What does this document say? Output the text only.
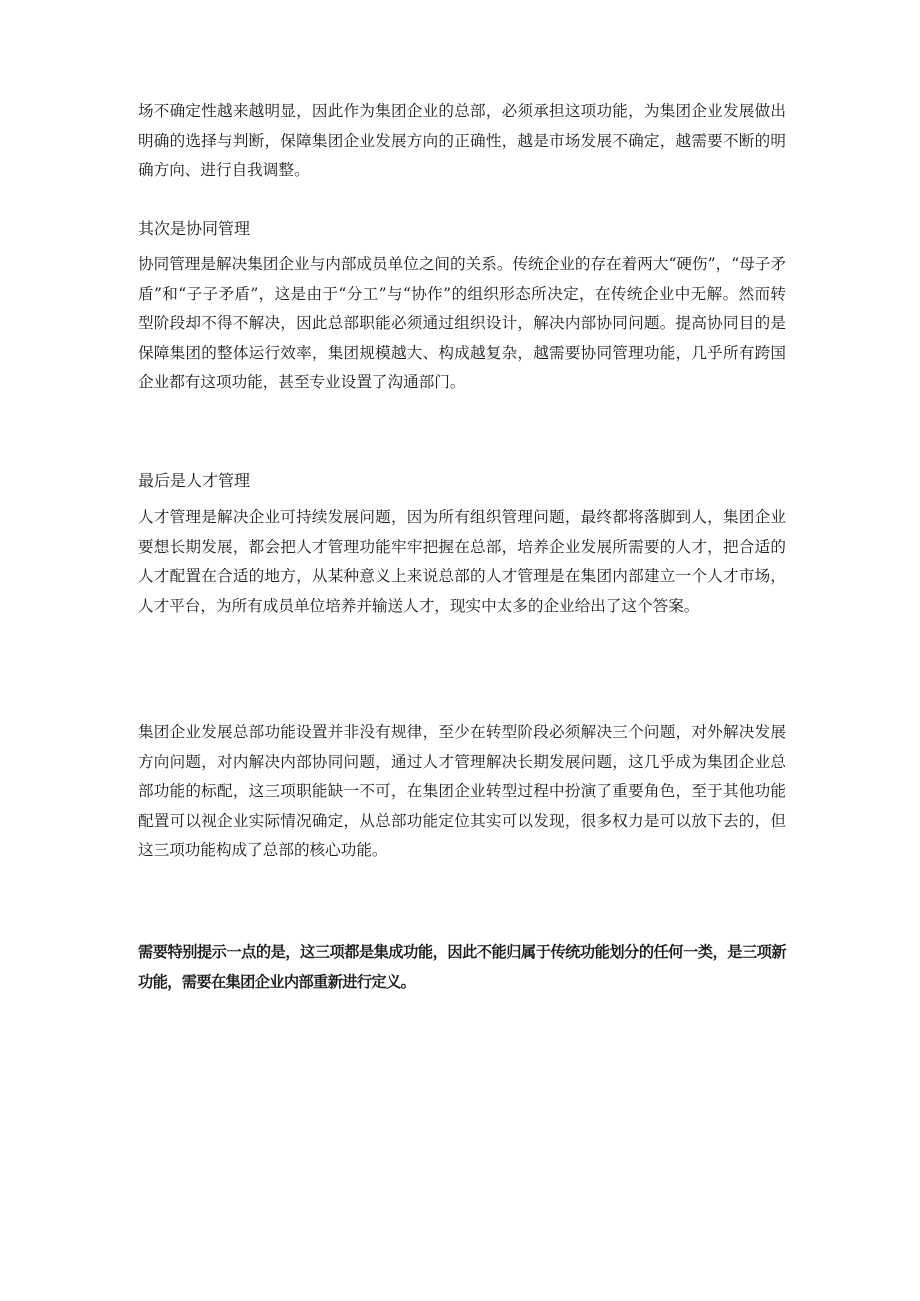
场不确定性越来越明显，因此作为集团企业的总部，必须承担这项功能，为集团企业发展做出明确的选择与判断，保障集团企业发展方向的正确性，越是市场发展不确定，越需要不断的明确方向、进行自我调整。

其次是协同管理

协同管理是解决集团企业与内部成员单位之间的关系。传统企业的存在着两大“硬伤”，“母子矛盾”和“子子矛盾”，这是由于“分工”与“协作”的组织形态所决定，在传统企业中无解。然而转型阶段却不得不解决，因此总部职能必须通过组织设计，解决内部协同问题。提高协同目的是保障集团的整体运行效率，集团规模越大、构成越复杂，越需要协同管理功能，几乎所有跨国企业都有这项功能，甚至专业设置了沟通部门。

最后是人才管理

人才管理是解决企业可持续发展问题，因为所有组织管理问题，最终都将落脚到人，集团企业要想长期发展，都会把人才管理功能牢牢把握在总部，培养企业发展所需要的人才，把合适的人才配置在合适的地方，从某种意义上来说总部的人才管理是在集团内部建立一个人才市场，人才平台，为所有成员单位培养并输送人才，现实中太多的企业给出了这个答案。

集团企业发展总部功能设置并非没有规律，至少在转型阶段必须解决三个问题，对外解决发展方向问题，对内解决内部协同问题，通过人才管理解决长期发展问题，这几乎成为集团企业总部功能的标配，这三项职能缺一不可，在集团企业转型过程中扮演了重要角色，至于其他功能配置可以视企业实际情况确定，从总部功能定位其实可以发现，很多权力是可以放下去的，但这三项功能构成了总部的核心功能。

需要特别提示一点的是，这三项都是集成功能，因此不能归属于传统功能划分的任何一类，是三项新功能，需要在集团企业内部重新进行定义。
